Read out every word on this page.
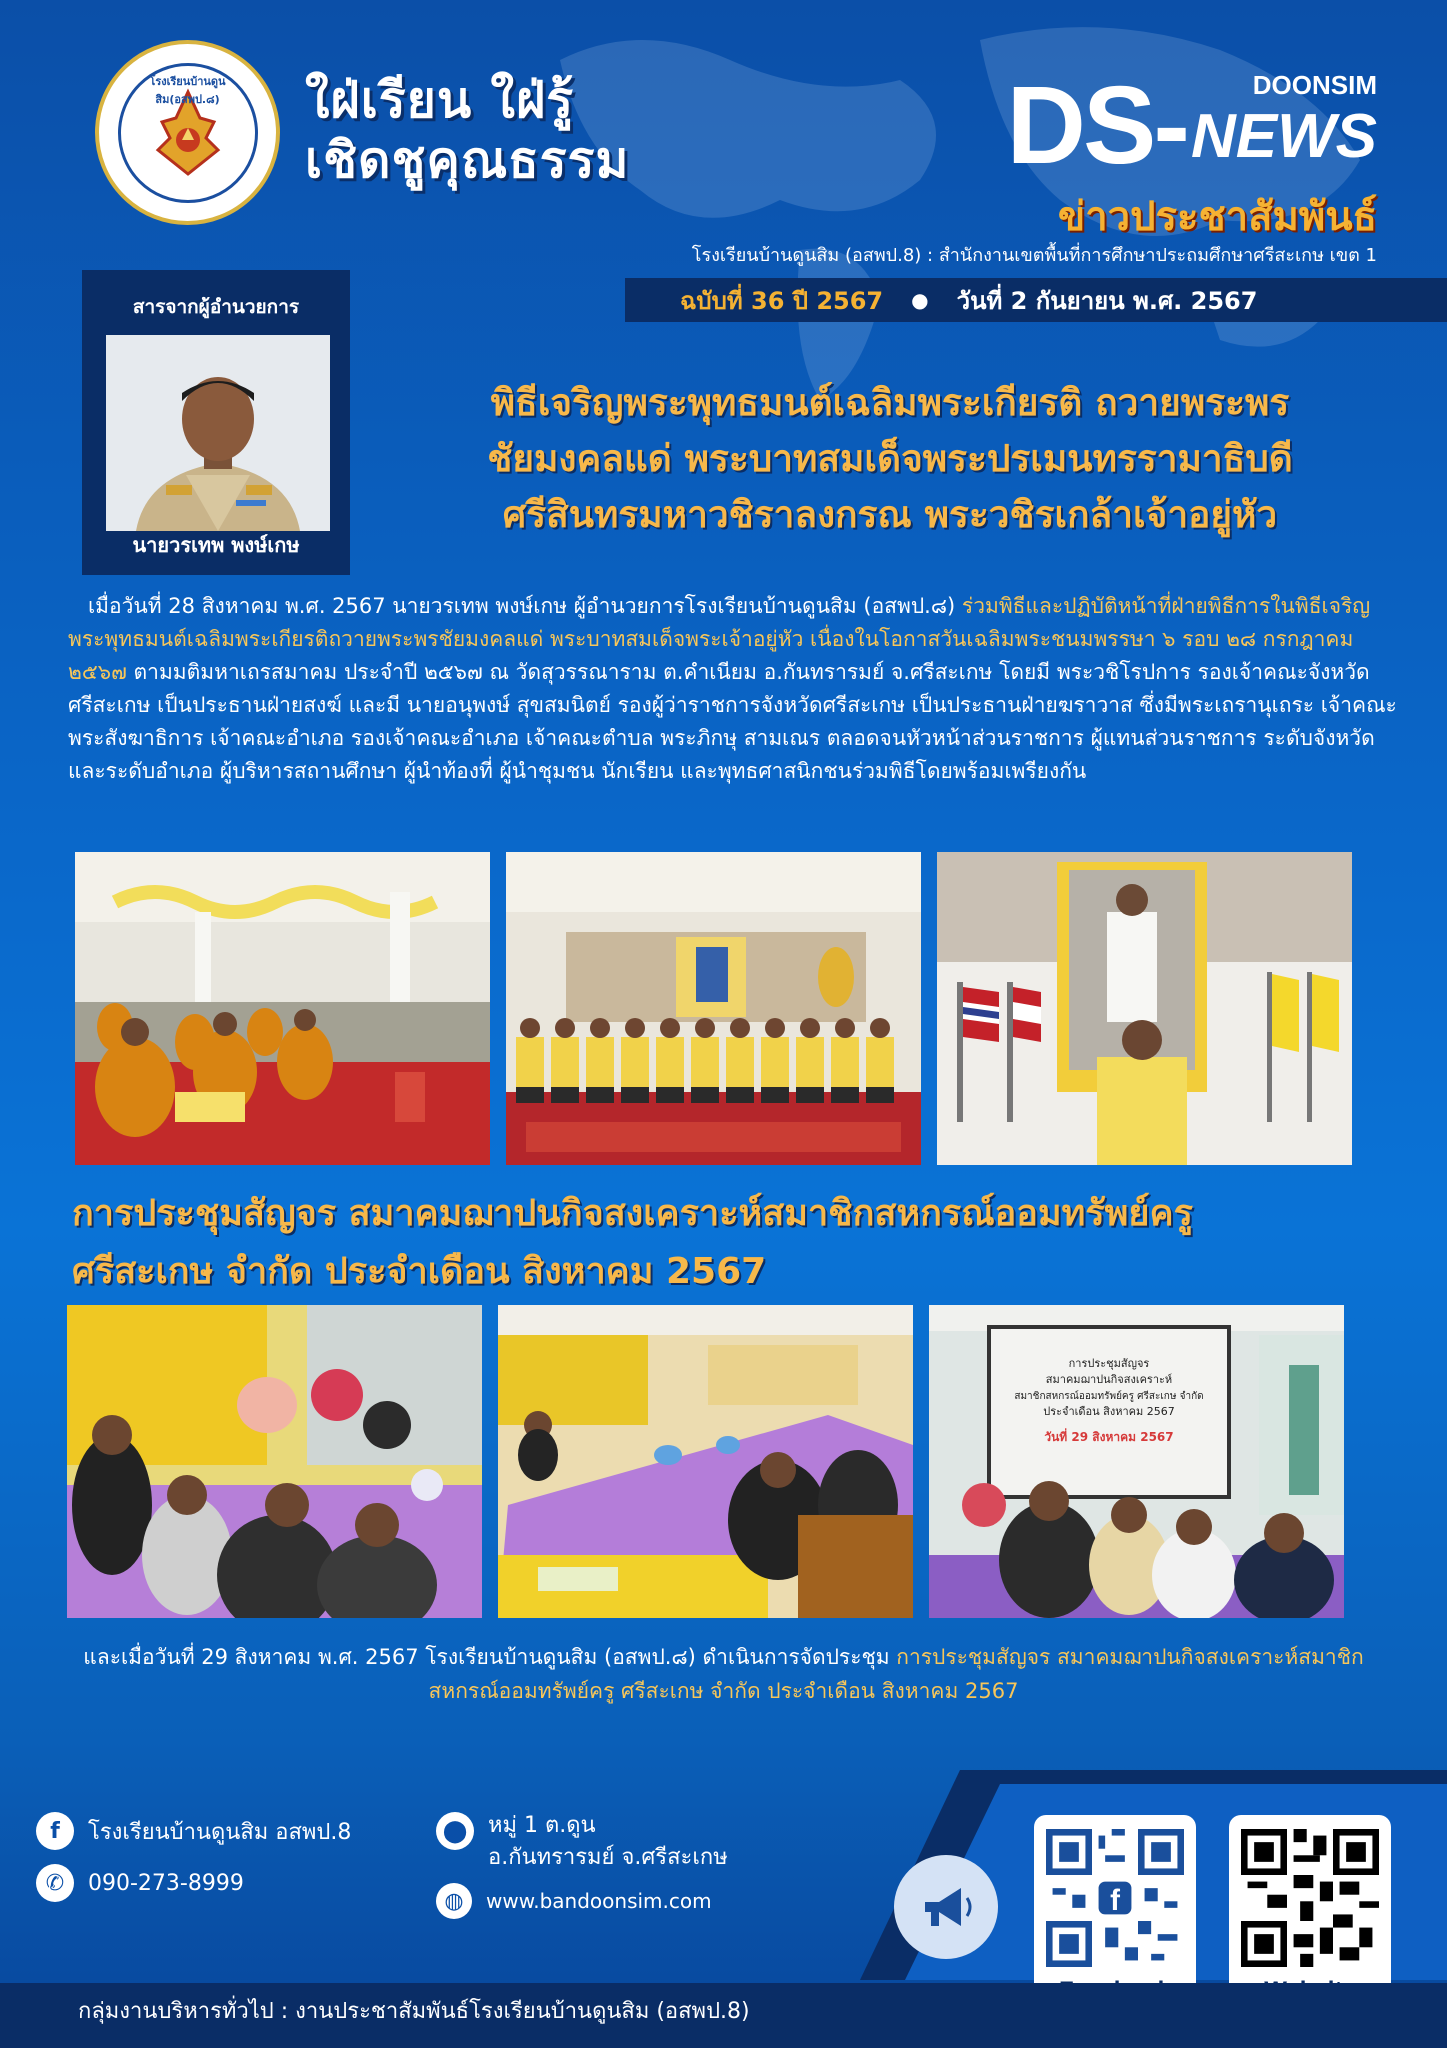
โรงเรียนบ้านดูนสิม(อสพป.๘)	ใฝ่เรียน ใฝ่รู้
เชิดชูคุณธรรม
DOONSIM
DS- NEWS
ข่าวประชาสัมพันธ์
โรงเรียนบ้านดูนสิม (อสพป.8) : สำนักงานเขตพื้นที่การศึกษาประถมศึกษาศรีสะเกษ เขต 1
ฉบับที่ 36 ปี 2567 ● วันที่ 2 กันยายน พ.ศ. 2567
สารจากผู้อำนวยการ
นายวรเทพ พงษ์เกษ
พิธีเจริญพระพุทธมนต์เฉลิมพระเกียรติ ถวายพระพร
ชัยมงคลแด่ พระบาทสมเด็จพระปรเมนทรรามาธิบดี
ศรีสินทรมหาวชิราลงกรณ พระวชิรเกล้าเจ้าอยู่หัว
เมื่อวันที่ 28 สิงหาคม พ.ศ. 2567 นายวรเทพ พงษ์เกษ ผู้อำนวยการโรงเรียนบ้านดูนสิม (อสพป.๘) ร่วมพิธีและปฏิบัติหน้าที่ฝ่ายพิธีการในพิธีเจริญพระพุทธมนต์เฉลิมพระเกียรติถวายพระพรชัยมงคลแด่ พระบาทสมเด็จพระเจ้าอยู่หัว เนื่องในโอกาสวันเฉลิมพระชนมพรรษา ๖ รอบ ๒๘ กรกฎาคม ๒๕๖๗ ตามมติมหาเถรสมาคม ประจำปี ๒๕๖๗ ณ วัดสุวรรณาราม ต.คำเนียม อ.กันทรารมย์ จ.ศรีสะเกษ โดยมี พระวชิโรปการ รองเจ้าคณะจังหวัดศรีสะเกษ เป็นประธานฝ่ายสงฆ์ และมี นายอนุพงษ์ สุขสมนิตย์ รองผู้ว่าราชการจังหวัดศรีสะเกษ เป็นประธานฝ่ายฆราวาส ซึ่งมีพระเถรานุเถระ เจ้าคณะพระสังฆาธิการ เจ้าคณะอำเภอ รองเจ้าคณะอำเภอ เจ้าคณะตำบล พระภิกษุ สามเณร ตลอดจนหัวหน้าส่วนราชการ ผู้แทนส่วนราชการ ระดับจังหวัด และระดับอำเภอ ผู้บริหารสถานศึกษา ผู้นำท้องที่ ผู้นำชุมชน นักเรียน และพุทธศาสนิกชนร่วมพิธีโดยพร้อมเพรียงกัน
การประชุมสัญจร สมาคมฌาปนกิจสงเคราะห์สมาชิกสหกรณ์ออมทรัพย์ครู
ศรีสะเกษ จำกัด ประจำเดือน สิงหาคม 2567
การประชุมสัญจร
สมาคมฌาปนกิจสงเคราะห์
สมาชิกสหกรณ์ออมทรัพย์ครู ศรีสะเกษ จำกัด
ประจำเดือน สิงหาคม 2567
วันที่ 29 สิงหาคม 2567
และเมื่อวันที่ 29 สิงหาคม พ.ศ. 2567 โรงเรียนบ้านดูนสิม (อสพป.๘) ดำเนินการจัดประชุม การประชุมสัญจร สมาคมฌาปนกิจสงเคราะห์สมาชิกสหกรณ์ออมทรัพย์ครู ศรีสะเกษ จำกัด ประจำเดือน สิงหาคม 2567
f	โรงเรียนบ้านดูนสิม อสพป.8
✆	090-273-8999
⬤ หมู่ 1 ต.ดูน
อ.กันทรารมย์ จ.ศรีสะเกษ
◍	www.bandoonsim.com	f
กลุ่มงานบริหารทั่วไป : งานประชาสัมพันธ์โรงเรียนบ้านดูนสิม (อสพป.8)
